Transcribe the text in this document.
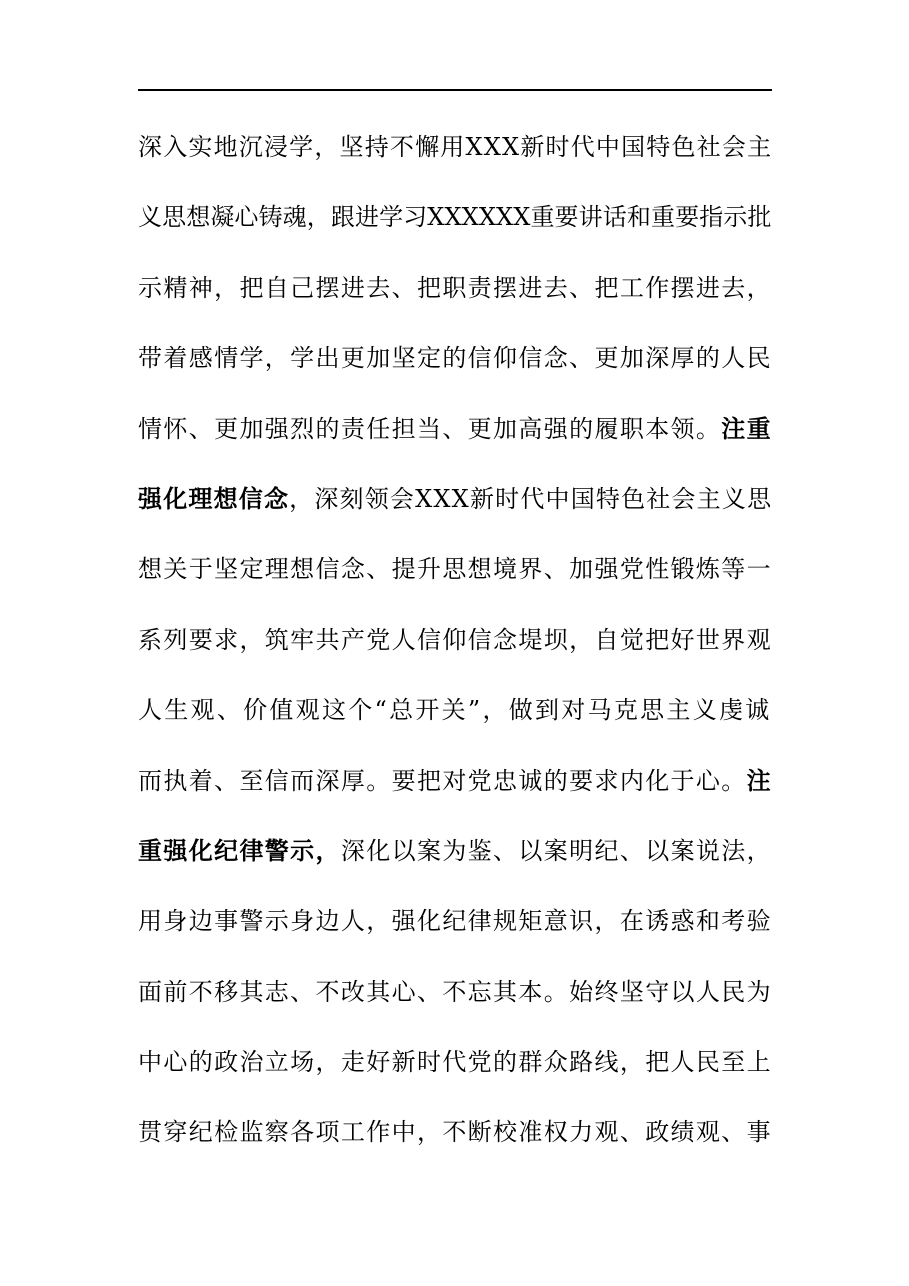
深入实地沉浸学，坚持不懈用XXX新时代中国特色社会主
义思想凝心铸魂，跟进学习XXXXXX重要讲话和重要指示批
示精神，把自己摆进去、把职责摆进去、把工作摆进去，
带着感情学，学出更加坚定的信仰信念、更加深厚的人民
情怀、更加强烈的责任担当、更加高强的履职本领。注重
强化理想信念，深刻领会XXX新时代中国特色社会主义思
想关于坚定理想信念、提升思想境界、加强党性锻炼等一
系列要求，筑牢共产党人信仰信念堤坝，自觉把好世界观
人生观、价值观这个“总开关”，做到对马克思主义虔诚
而执着、至信而深厚。要把对党忠诚的要求内化于心。注
重强化纪律警示，深化以案为鉴、以案明纪、以案说法，
用身边事警示身边人，强化纪律规矩意识，在诱惑和考验
面前不移其志、不改其心、不忘其本。始终坚守以人民为
中心的政治立场，走好新时代党的群众路线，把人民至上
贯穿纪检监察各项工作中，不断校准权力观、政绩观、事
